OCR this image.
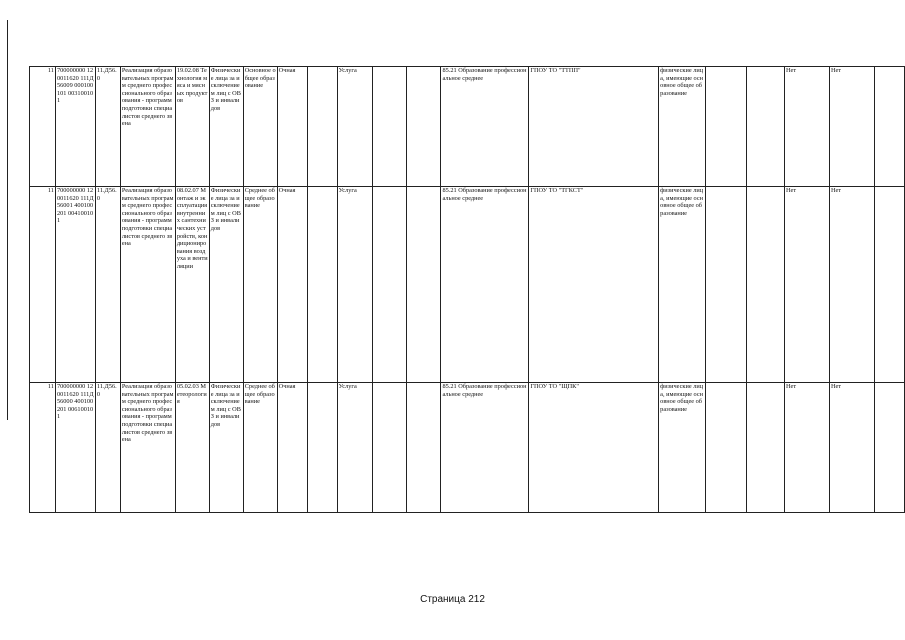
11	700000000 120011620 111Д56009 000100101 003100101	11.Д56.0	Реализация образовательных программ среднего профессионального образования - программ подготовки специалистов среднего звена	19.02.08 Технология мяса и мясных продуктов	Физические лица за исключением лиц с ОВЗ и инвалидов	Основное общее образование	Очная		Услуга			85.21 Образование профессиональное среднее	ГПОУ ТО "ТТПП"	физические лица, имеющие основное общее образование			Нет	Нет	
11	700000000 120011620 111Д56001 400100201 004100101	11.Д56.0	Реализация образовательных программ среднего профессионального образования - программ подготовки специалистов среднего звена	08.02.07 Монтаж и эксплуатация внутренних сантехнических устройств, кондиционирования воздуха и вентиляции	Физические лица за исключением лиц с ОВЗ и инвалидов	Среднее общее образование	Очная		Услуга			85.21 Образование профессиональное среднее	ГПОУ ТО "ТГКСТ"	физические лица, имеющие основное общее образование			Нет	Нет	
11	700000000 120011620 111Д56000 400100201 006100101	11.Д56.0	Реализация образовательных программ среднего профессионального образования - программ подготовки специалистов среднего звена	05.02.03 Метеорология	Физические лица за исключением лиц с ОВЗ и инвалидов	Среднее общее образование	Очная		Услуга			85.21 Образование профессиональное среднее	ГПОУ ТО "ЩПК"	физические лица, имеющие основное общее образование			Нет	Нет	
Страница 212
